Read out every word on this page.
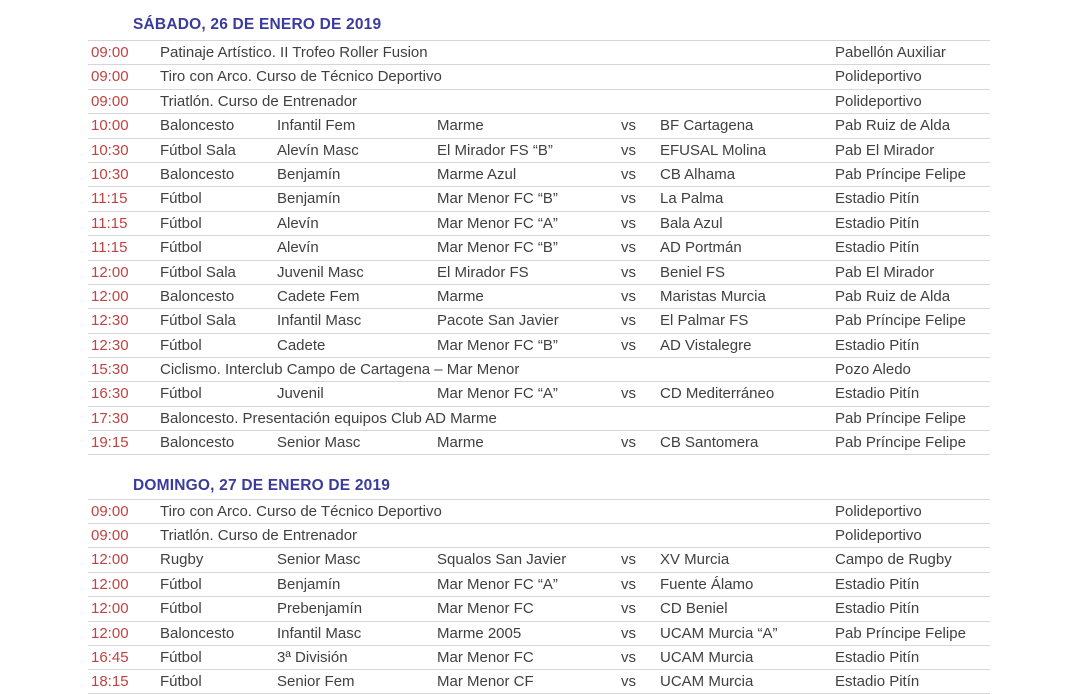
SÁBADO, 26 DE ENERO DE 2019
09:00	Patinaje Artístico. II Trofeo Roller Fusion	Pabellón Auxiliar
09:00	Tiro con Arco. Curso de Técnico Deportivo	Polideportivo
09:00	Triatlón. Curso de Entrenador	Polideportivo
10:00	Baloncesto	Infantil Fem	Marme	vs	BF Cartagena	Pab Ruiz de Alda
10:30	Fútbol Sala	Alevín Masc	El Mirador FS “B”	vs	EFUSAL Molina	Pab El Mirador
10:30	Baloncesto	Benjamín	Marme Azul	vs	CB Alhama	Pab Príncipe Felipe
11:15	Fútbol	Benjamín	Mar Menor FC “B”	vs	La Palma	Estadio Pitín
11:15	Fútbol	Alevín	Mar Menor FC “A”	vs	Bala Azul	Estadio Pitín
11:15	Fútbol	Alevín	Mar Menor FC “B”	vs	AD Portmán	Estadio Pitín
12:00	Fútbol Sala	Juvenil Masc	El Mirador FS	vs	Beniel FS	Pab El Mirador
12:00	Baloncesto	Cadete Fem	Marme	vs	Maristas Murcia	Pab Ruiz de Alda
12:30	Fútbol Sala	Infantil Masc	Pacote San Javier	vs	El Palmar FS	Pab Príncipe Felipe
12:30	Fútbol	Cadete	Mar Menor FC “B”	vs	AD Vistalegre	Estadio Pitín
15:30	Ciclismo. Interclub Campo de Cartagena – Mar Menor	Pozo Aledo
16:30	Fútbol	Juvenil	Mar Menor FC “A”	vs	CD Mediterráneo	Estadio Pitín
17:30	Baloncesto. Presentación equipos Club AD Marme	Pab Príncipe Felipe
19:15	Baloncesto	Senior Masc	Marme	vs	CB Santomera	Pab Príncipe Felipe
DOMINGO, 27 DE ENERO DE 2019
09:00	Tiro con Arco. Curso de Técnico Deportivo	Polideportivo
09:00	Triatlón. Curso de Entrenador	Polideportivo
12:00	Rugby	Senior Masc	Squalos San Javier	vs	XV Murcia	Campo de Rugby
12:00	Fútbol	Benjamín	Mar Menor FC “A”	vs	Fuente Álamo	Estadio Pitín
12:00	Fútbol	Prebenjamín	Mar Menor FC	vs	CD Beniel	Estadio Pitín
12:00	Baloncesto	Infantil Masc	Marme 2005	vs	UCAM Murcia “A”	Pab Príncipe Felipe
16:45	Fútbol	3ª División	Mar Menor FC	vs	UCAM Murcia	Estadio Pitín
18:15	Fútbol	Senior Fem	Mar Menor CF	vs	UCAM Murcia	Estadio Pitín
